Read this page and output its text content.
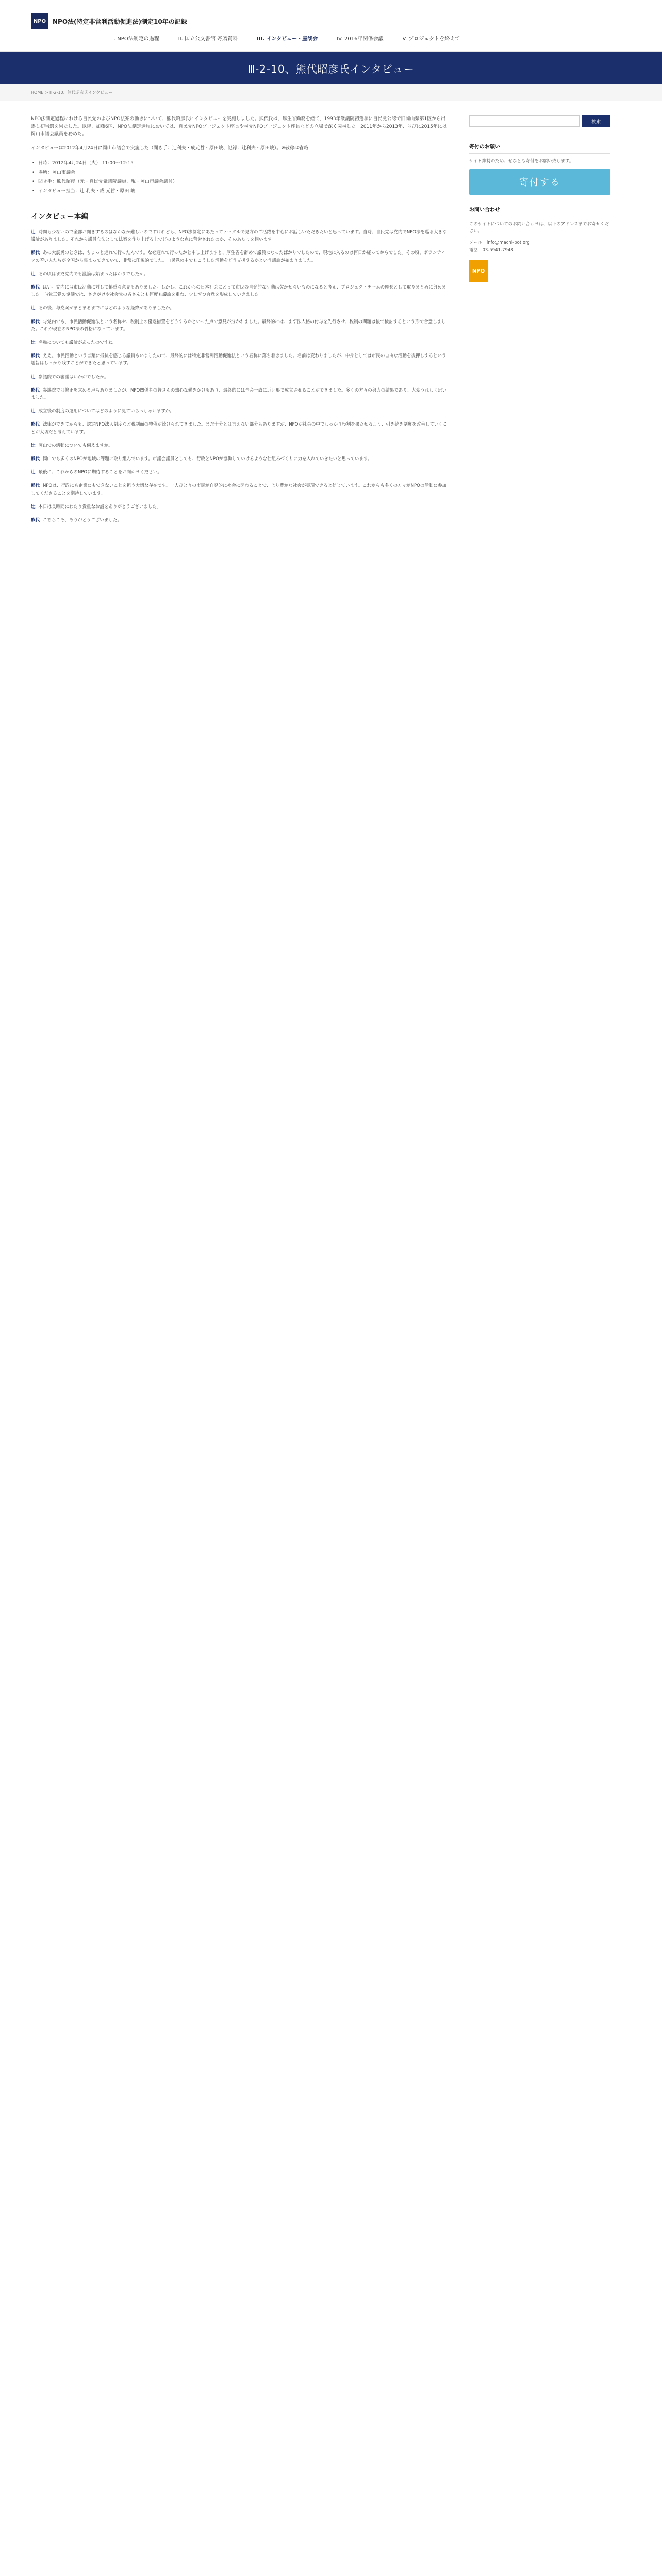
NPO	NPO法(特定非営利活動促進法)制定10年の記録
I. NPO法制定の過程	II. 国立公文書館 寄贈資料	III. インタビュー・座談会	IV. 2016年関係会議	V. プロジェクトを終えて
Ⅲ-2-10、熊代昭彦氏インタビュー
HOME > Ⅲ-2-10、熊代昭彦氏インタビュー

NPO法制定過程における自民党およびNPO法案の動きについて、熊代昭彦氏にインタビューを実施しました。熊代氏は、厚生省勤務を経て、1993年衆議院初選挙に自民党公認で旧岡山県第1区から出馬し初当選を果たした。以降、加藤6区、NPO法制定過程においては、自民党NPOプロジェクト座長や与党NPOプロジェクト座長などの立場で深く関与した。2011年から2013年、並びに2015年には岡山市議会議員を務めた。

インタビューは2012年4月24日に岡山市議会で実施した（聞き手：辻利夫・成元哲・原田峻、記録：辻利夫・原田峻）。※敬称は省略

• 日時：2012年4月24日（火） 11:00〜12:15
• 場所：岡山市議会
• 聞き手：熊代昭彦（元・自民党衆議院議員、現・岡山市議会議員）
• インタビュー担当：辻 利夫・成 元哲・原田 峻
インタビュー本編

辻 時間も少ないので全部お聞きするのはなかなか難しいのですけれども、NPO法制定にあたってトータルで見方のご活躍を中心にお話しいただきたいと思っています。当時、自民党は党内でNPO法を巡る大きな議論がありました。それから議員立法として法案を作り上げる上でどのような点に苦労されたのか、そのあたりを伺います。

熊代 あの大震災のときは、ちょっと遅れて行ったんです。なぜ遅れて行ったかと申し上げますと、厚生省を辞めて議員になったばかりでしたので、現地に入るのは何日か経ってからでした。その頃、ボランティアの若い人たちが全国から集まってきていて、非常に印象的でした。自民党の中でもこうした活動をどう支援するかという議論が始まりました。

辻 その頃はまだ党内でも議論は始まったばかりでしたか。

熊代 はい。党内には市民活動に対して慎重な意見もありました。しかし、これからの日本社会にとって市民の自発的な活動は欠かせないものになると考え、プロジェクトチームの座長として取りまとめに努めました。与党三党の協議では、さきがけや社会党の皆さんとも何度も議論を重ね、少しずつ合意を形成していきました。

辻 その後、与党案がまとまるまでにはどのような経緯がありましたか。

熊代 与党内でも、市民活動促進法という名称や、税制上の優遇措置をどうするかといった点で意見が分かれました。最終的には、まず法人格の付与を先行させ、税制の問題は後で検討するという形で合意しました。これが現在のNPO法の骨格になっています。

辻 名称についても議論があったのですね。

熊代 ええ。市民活動という言葉に抵抗を感じる議員もいましたので、最終的には特定非営利活動促進法という名称に落ち着きました。名前は変わりましたが、中身としては市民の自由な活動を後押しするという趣旨はしっかり残すことができたと思っています。

辻 参議院での審議はいかがでしたか。

熊代 参議院では修正を求める声もありましたが、NPO関係者の皆さんの熱心な働きかけもあり、最終的には全会一致に近い形で成立させることができました。多くの方々の努力の結果であり、大変うれしく思いました。

辻 成立後の制度の運用についてはどのように見ていらっしゃいますか。

熊代 法律ができてからも、認定NPO法人制度など税制面の整備が続けられてきました。まだ十分とは言えない部分もありますが、NPOが社会の中でしっかり役割を果たせるよう、引き続き制度を改善していくことが大切だと考えています。

辻 岡山での活動についても伺えますか。

熊代 岡山でも多くのNPOが地域の課題に取り組んでいます。市議会議員としても、行政とNPOが協働していけるような仕組みづくりに力を入れていきたいと思っています。

辻 最後に、これからのNPOに期待することをお聞かせください。

熊代 NPOは、行政にも企業にもできないことを担う大切な存在です。一人ひとりの市民が自発的に社会に関わることで、より豊かな社会が実現できると信じています。これからも多くの方々がNPOの活動に参加してくださることを期待しています。

辻 本日は長時間にわたり貴重なお話をありがとうございました。

熊代 こちらこそ、ありがとうございました。

検索
寄付のお願い

サイト維持のため、ぜひとも寄付をお願い致します。

寄付する
お問い合わせ

このサイトについてのお問い合わせは、以下のアドレスまでお寄せください。

メール　info@machi-pot.org
電話　03-5941-7948
NPO
